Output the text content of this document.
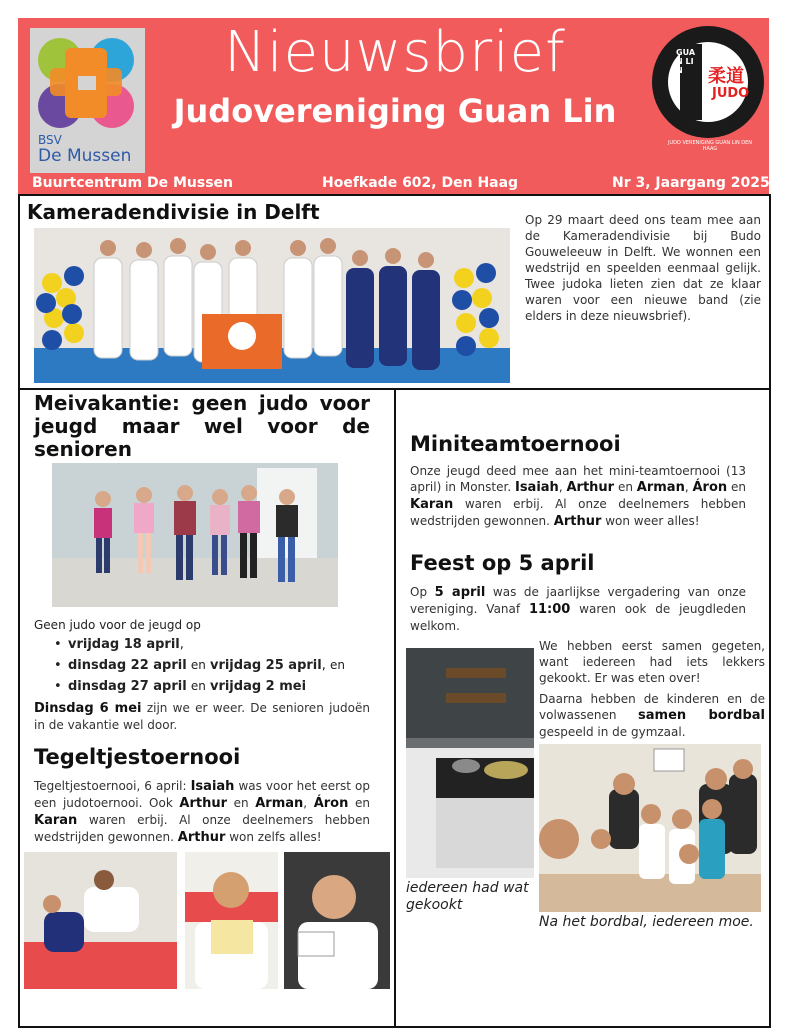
BSV
De Mussen
Nieuwsbrief
Judovereniging Guan Lin
GUAN LIN	柔道
JUDO
JUDO VERENIGING GUAN LIN DEN HAAG
Buurtcentrum De Mussen	Hoefkade 602, Den Haag	Nr 3, Jaargang 2025
Kameradendivisie in Delft	Op 29 maart deed ons team mee aan de Kameradendivisie bij Budo Gouweleeuw in Delft. We wonnen een wedstrijd en speelden eenmaal gelijk. Twee judoka lieten zien dat ze klaar waren voor een nieuwe band (zie elders in deze nieuwsbrief).
Meivakantie: geen judo voor jeugd maar wel voor de senioren
Geen judo voor de jeugd op
• vrijdag 18 april,
• dinsdag 22 april en vrijdag 25 april, en
• dinsdag 27 april en vrijdag 2 mei
Dinsdag 6 mei zijn we er weer. De senioren judoën in de vakantie wel door.
Tegeltjestoernooi
Tegeltjestoernooi, 6 april: Isaiah was voor het eerst op een judotoernooi. Ook Arthur en Arman, Áron en Karan waren erbij. Al onze deelnemers hebben wedstrijden gewonnen. Arthur won zelfs alles!
Miniteamtoernooi
Onze jeugd deed mee aan het mini-teamtoernooi (13 april) in Monster. Isaiah, Arthur en Arman, Áron en Karan waren erbij. Al onze deelnemers hebben wedstrijden gewonnen. Arthur won weer alles!
Feest op 5 april
Op 5 april was de jaarlijkse vergadering van onze vereniging. Vanaf 11:00 waren ook de jeugdleden welkom.
iedereen had wat gekookt
We hebben eerst samen gegeten, want iedereen had iets lekkers gekookt. Er was eten over!
Daarna hebben de kinderen en de volwassenen samen bordbal gespeeld in de gymzaal.
Na het bordbal, iedereen moe.
